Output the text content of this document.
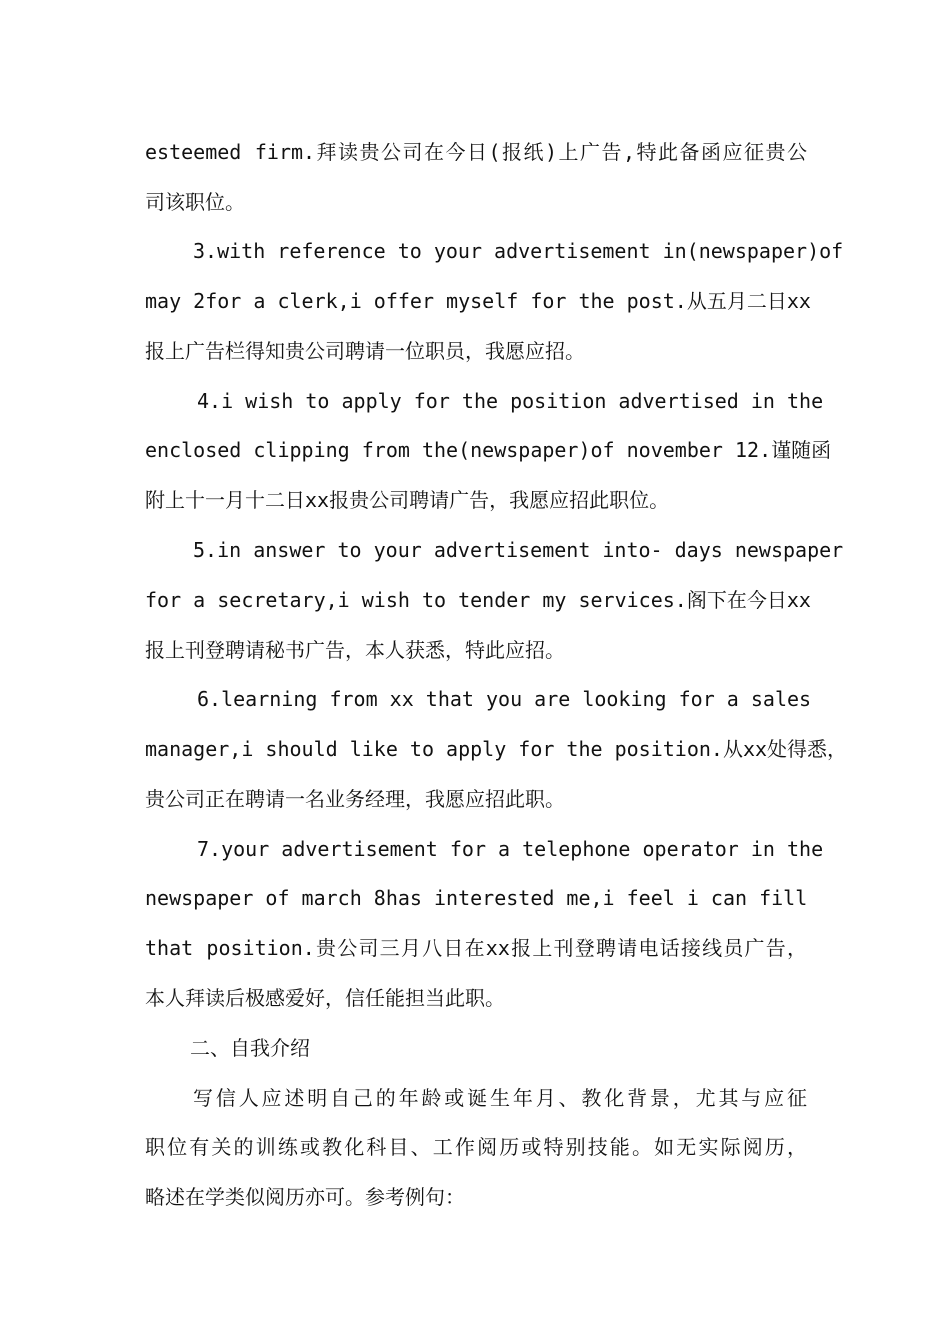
esteemed firm.拜读贵公司在今日(报纸)上广告,特此备函应征贵公
司该职位。
3.with reference to your advertisement in(newspaper)of
may 2for a clerk,i offer myself for the post.从五月二日xx
报上广告栏得知贵公司聘请一位职员，我愿应招。
4.i wish to apply for the position advertised in the
enclosed clipping from the(newspaper)of november 12.谨随函
附上十一月十二日xx报贵公司聘请广告，我愿应招此职位。
5.in answer to your advertisement into- days newspaper
for a secretary,i wish to tender my services.阁下在今日xx
报上刊登聘请秘书广告，本人获悉，特此应招。
6.learning from xx that you are looking for a sales
manager,i should like to apply for the position.从xx处得悉，
贵公司正在聘请一名业务经理，我愿应招此职。
7.your advertisement for a telephone operator in the
newspaper of march 8has interested me,i feel i can fill
that position.贵公司三月八日在xx报上刊登聘请电话接线员广告，
本人拜读后极感爱好，信任能担当此职。
二、自我介绍
写信人应述明自己的年龄或诞生年月、教化背景，尤其与应征
职位有关的训练或教化科目、工作阅历或特别技能。如无实际阅历，
略述在学类似阅历亦可。参考例句：
